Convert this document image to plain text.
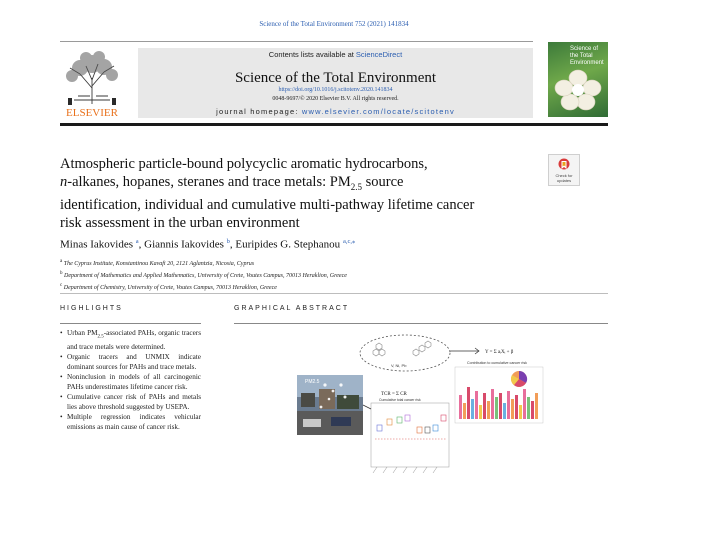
Science of the Total Environment 752 (2021) 141834
ELSEVIER
Contents lists available at ScienceDirect
Science of the Total Environment
https://doi.org/10.1016/j.scitotenv.2020.141834
0048-9697/© 2020 Elsevier B.V. All rights reserved.
journal homepage: www.elsevier.com/locate/scitotenv
Science of the Total Environment
Atmospheric particle-bound polycyclic aromatic hydrocarbons,
n-alkanes, hopanes, steranes and trace metals: $PM_{2.5}$ source
identification, individual and cumulative multi-pathway lifetime cancer
risk assessment in the urban environment
Check for updates
Minas Iakovides $^a$, Giannis Iakovides $^b$, Euripides G. Stephanou $^{a,c,⁎}$
$^a$ The Cyprus Institute, Konstantinou Kavafi 20, 2121 Aglantzia, Nicosia, Cyprus
$^b$ Department of Mathematics and Applied Mathematics, University of Crete, Voutes Campus, 70013 Heraklion, Greece
$^c$ Department of Chemistry, University of Crete, Voutes Campus, 70013 Heraklion, Greece
HIGHLIGHTS	GRAPHICAL ABSTRACT
• Urban $PM_{2.5}$-associated PAHs, organic tracers and trace metals were determined.
• Organic tracers and UNMIX indicate dominant sources for PAHs and trace metals.
• Noninclusion in models of all carcinogenic PAHs underestimates lifetime cancer risk.
• Cumulative cancer risk of PAHs and metals lies above threshold suggested by USEPA.
• Multiple regression indicates vehicular emissions as main cause of cancer risk.
V, Ni, Pb
PM2.5
TCR = Σ CR
Cumulative total cancer risk
Y = Σ aᵢXᵢ + β
Contribution to cumulative cancer risk
